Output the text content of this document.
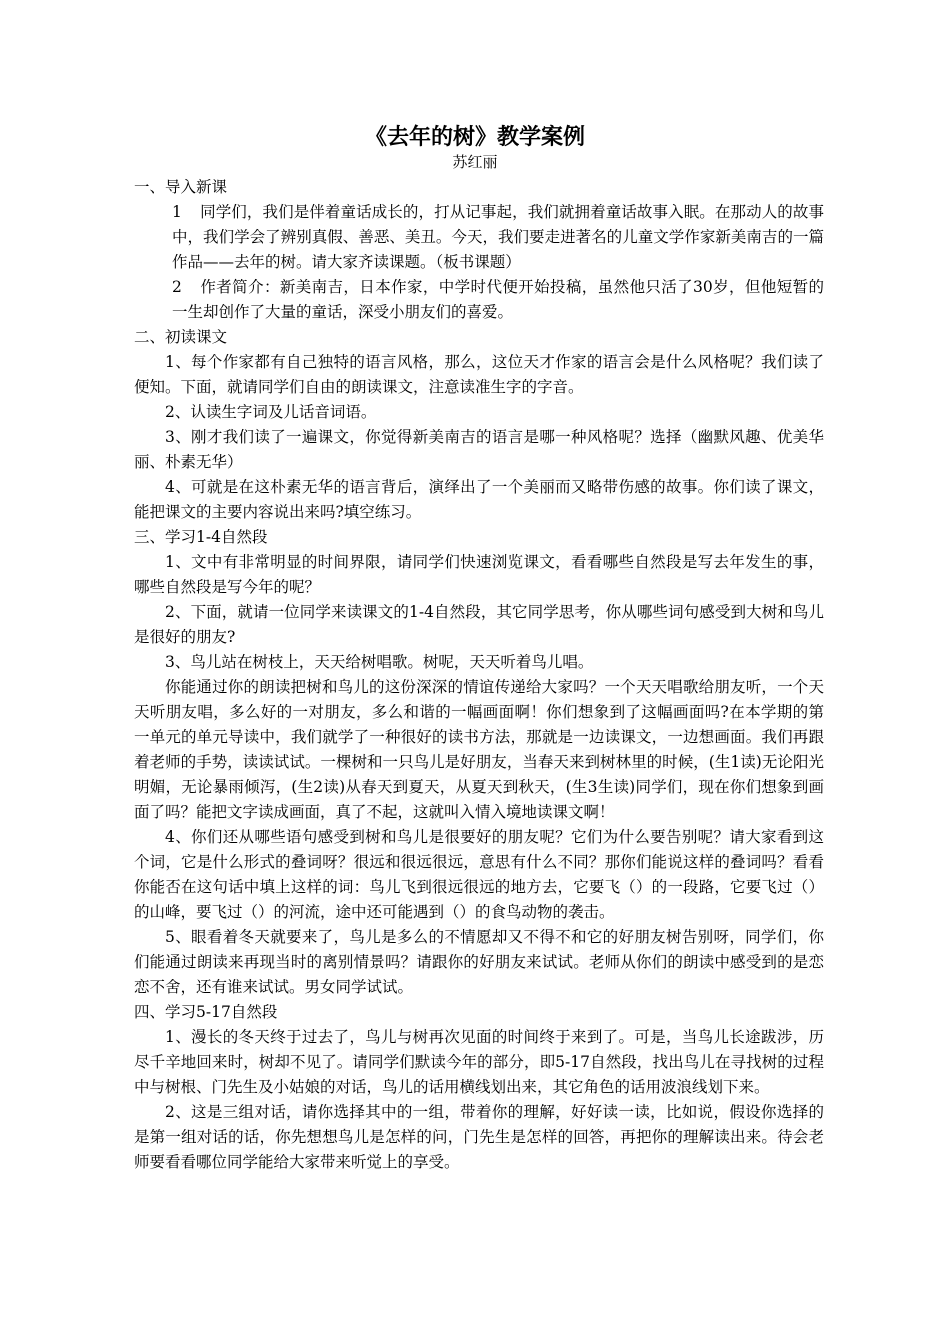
《去年的树》教学案例
苏红丽
一、导入新课
1 同学们，我们是伴着童话成长的，打从记事起，我们就拥着童话故事入眠。在那动人的故事中，我们学会了辨别真假、善恶、美丑。今天，我们要走进著名的儿童文学作家新美南吉的一篇作品——去年的树。请大家齐读课题。（板书课题）
2 作者简介：新美南吉，日本作家，中学时代便开始投稿，虽然他只活了30岁，但他短暂的一生却创作了大量的童话，深受小朋友们的喜爱。
二、初读课文
1、每个作家都有自己独特的语言风格，那么，这位天才作家的语言会是什么风格呢？我们读了便知。下面，就请同学们自由的朗读课文，注意读准生字的字音。
2、认读生字词及儿话音词语。
3、刚才我们读了一遍课文，你觉得新美南吉的语言是哪一种风格呢？选择（幽默风趣、优美华丽、朴素无华）
4、可就是在这朴素无华的语言背后，演绎出了一个美丽而又略带伤感的故事。你们读了课文，能把课文的主要内容说出来吗?填空练习。
三、学习1-4自然段
1、文中有非常明显的时间界限，请同学们快速浏览课文，看看哪些自然段是写去年发生的事，哪些自然段是写今年的呢？
2、下面，就请一位同学来读课文的1-4自然段，其它同学思考，你从哪些词句感受到大树和鸟儿是很好的朋友?
3、鸟儿站在树枝上，天天给树唱歌。树呢，天天听着鸟儿唱。
你能通过你的朗读把树和鸟儿的这份深深的情谊传递给大家吗？一个天天唱歌给朋友听，一个天天听朋友唱，多么好的一对朋友，多么和谐的一幅画面啊！你们想象到了这幅画面吗?在本学期的第一单元的单元导读中，我们就学了一种很好的读书方法，那就是一边读课文，一边想画面。我们再跟着老师的手势，读读试试。一棵树和一只鸟儿是好朋友，当春天来到树林里的时候，(生1读)无论阳光明媚，无论暴雨倾泻，(生2读)从春天到夏天，从夏天到秋天，(生3生读)同学们，现在你们想象到画面了吗？能把文字读成画面，真了不起，这就叫入情入境地读课文啊！
4、你们还从哪些语句感受到树和鸟儿是很要好的朋友呢？它们为什么要告别呢？请大家看到这个词，它是什么形式的叠词呀？很远和很远很远，意思有什么不同？那你们能说这样的叠词吗？看看你能否在这句话中填上这样的词：鸟儿飞到很远很远的地方去，它要飞（）的一段路，它要飞过（）的山峰，要飞过（）的河流，途中还可能遇到（）的食鸟动物的袭击。
5、眼看着冬天就要来了，鸟儿是多么的不情愿却又不得不和它的好朋友树告别呀，同学们，你们能通过朗读来再现当时的离别情景吗？请跟你的好朋友来试试。老师从你们的朗读中感受到的是恋恋不舍，还有谁来试试。男女同学试试。
四、学习5-17自然段
1、漫长的冬天终于过去了，鸟儿与树再次见面的时间终于来到了。可是，当鸟儿长途跋涉，历尽千辛地回来时，树却不见了。请同学们默读今年的部分，即5-17自然段，找出鸟儿在寻找树的过程中与树根、门先生及小姑娘的对话，鸟儿的话用横线划出来，其它角色的话用波浪线划下来。
2、这是三组对话，请你选择其中的一组，带着你的理解，好好读一读，比如说，假设你选择的是第一组对话的话，你先想想鸟儿是怎样的问，门先生是怎样的回答，再把你的理解读出来。待会老师要看看哪位同学能给大家带来听觉上的享受。
